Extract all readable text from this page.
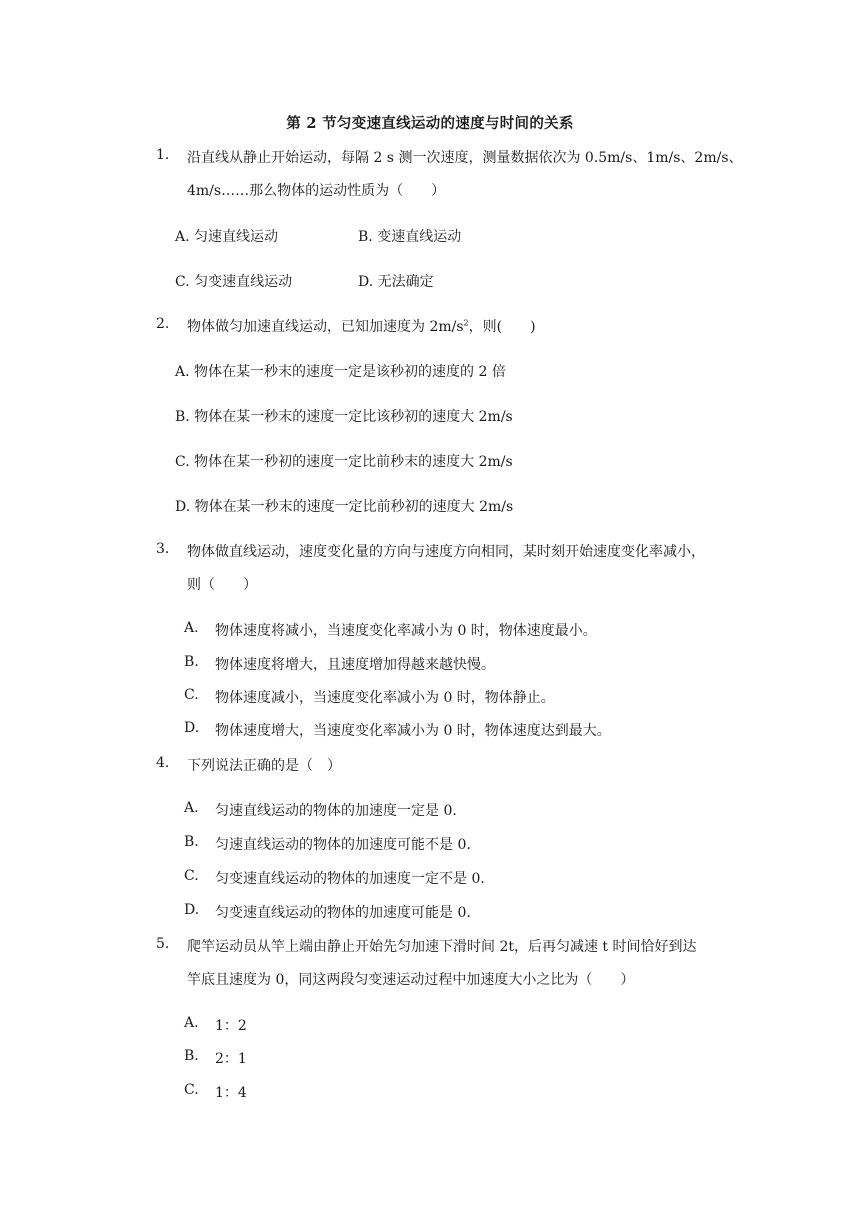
第 2 节匀变速直线运动的速度与时间的关系
1. 沿直线从静止开始运动，每隔 2 s 测一次速度，测量数据依次为 0.5m/s、1m/s、2m/s、
4m/s……那么物体的运动性质为（　　）
A. 匀速直线运动	B. 变速直线运动
C. 匀变速直线运动	D. 无法确定
2. 物体做匀加速直线运动，已知加速度为 $2m/s^2$，则(　　)
A. 物体在某一秒末的速度一定是该秒初的速度的 2 倍
B. 物体在某一秒末的速度一定比该秒初的速度大 2m/s
C. 物体在某一秒初的速度一定比前秒末的速度大 2m/s
D. 物体在某一秒末的速度一定比前秒初的速度大 2m/s
3. 物体做直线运动，速度变化量的方向与速度方向相同，某时刻开始速度变化率减小，
则（　　）
A. 物体速度将减小，当速度变化率减小为 0 时，物体速度最小。
B. 物体速度将增大，且速度增加得越来越快慢。
C. 物体速度减小，当速度变化率减小为 0 时，物体静止。
D. 物体速度增大，当速度变化率减小为 0 时，物体速度达到最大。
4. 下列说法正确的是（　）
A. 匀速直线运动的物体的加速度一定是 0.
B. 匀速直线运动的物体的加速度可能不是 0.
C. 匀变速直线运动的物体的加速度一定不是 0.
D. 匀变速直线运动的物体的加速度可能是 0.
5. 爬竿运动员从竿上端由静止开始先匀加速下滑时间 2t，后再匀减速 t 时间恰好到达
竿底且速度为 0，同这两段匀变速运动过程中加速度大小之比为（　　）
A. 1：2
B. 2：1
C. 1：4
